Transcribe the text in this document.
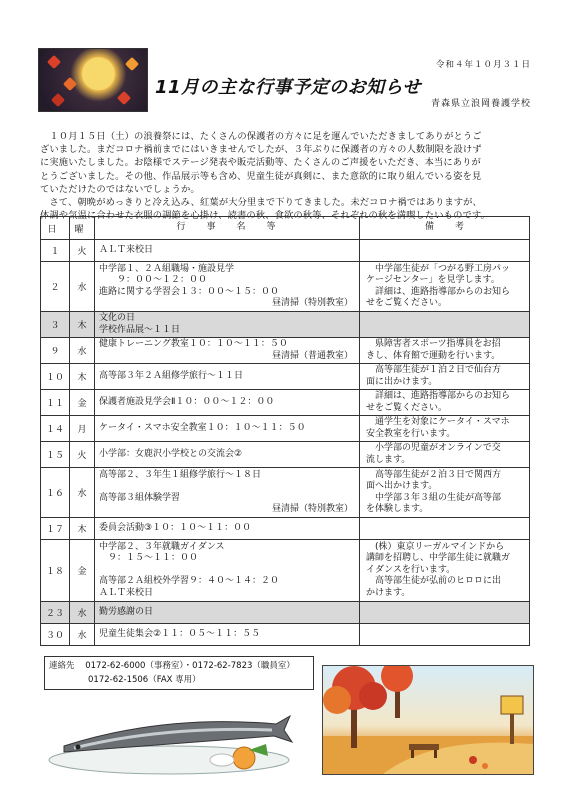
令和４年１０月３１日
11月の主な行事予定のお知らせ
青森県立浪岡養護学校

　１０月１５日（土）の浪養祭には、たくさんの保護者の方々に足を運んでいただきましてありがとうご

ざいました。まだコロナ禍前までにはいきませんでしたが、３年ぶりに保護者の方々の人数制限を設けず

に実施いたしました。お陰様でステージ発表や販売活動等、たくさんのご声援をいただき、本当にありが

とうございました。その他、作品展示等も含め、児童生徒が真剣に、また意欲的に取り組んでいる姿を見

ていただけたのではないでしょうか。

　さて、朝晩がめっきりと冷え込み、紅葉が大分里まで下りてきました。未だコロナ禍ではありますが、

体調や気温に合わせた衣服の調節を心掛け、読書の秋、食欲の秋等、それぞれの秋を満喫したいものです。

日	曜	行　事　名　等	備　考
１	火	ＡＬＴ来校日	

２	水	中学部１、２Ａ組職場・施設見学
　　９：００～１２：００
進路に関する学習会１３：００～１５：００
昼清掃（特別教室）	　中学部生徒が「つがる野工房パッ
ケージセンター」を見学します。
　詳細は、進路指導部からのお知ら
せをご覧ください。

３	木	文化の日
学校作品展～１１日	

９	水	健康トレーニング教室１０：１０～１１：５０
昼清掃（普通教室）	　県障害者スポーツ指導員をお招
きし、体育館で運動を行います。

１０	木	高等部３年２Ａ組修学旅行～１１日	　高等部生徒が１泊２日で仙台方
面に出かけます。

１１	金	保護者施設見学会Ⅱ１０：００～１２：００	　詳細は、進路指導部からのお知ら
せをご覧ください。

１４	月	ケータイ・スマホ安全教室１０：１０～１１：５０	　通学生を対象にケータイ・スマホ
安全教室を行います。

１５	火	小学部：女鹿沢小学校との交流会②	　小学部の児童がオンラインで交
流します。

１６	水	高等部２、３年生１組修学旅行～１８日

高等部３組体験学習
昼清掃（特別教室）	　高等部生徒が２泊３日で関西方
面へ出かけます。
　中学部３年３組の生徒が高等部
を体験します。

１７	木	委員会活動③１０：１０～１１：００	

１８	金	中学部２、３年就職ガイダンス
　９：１５～１１：００

高等部２Ａ組校外学習９：４０～１４：２０
ＡＬＴ来校日	　(株）東京リーガルマインドから
講師を招聘し、中学部生徒に就職ガ
イダンスを行います。
　高等部生徒が弘前のヒロロに出
かけます。

２３	水	勤労感謝の日	

３０	水	児童生徒集会②１１：０５～１１：５５	

連絡先 0172-62-6000（事務室）・0172-62-7823（職員室）
0172-62-1506（FAX 専用）
